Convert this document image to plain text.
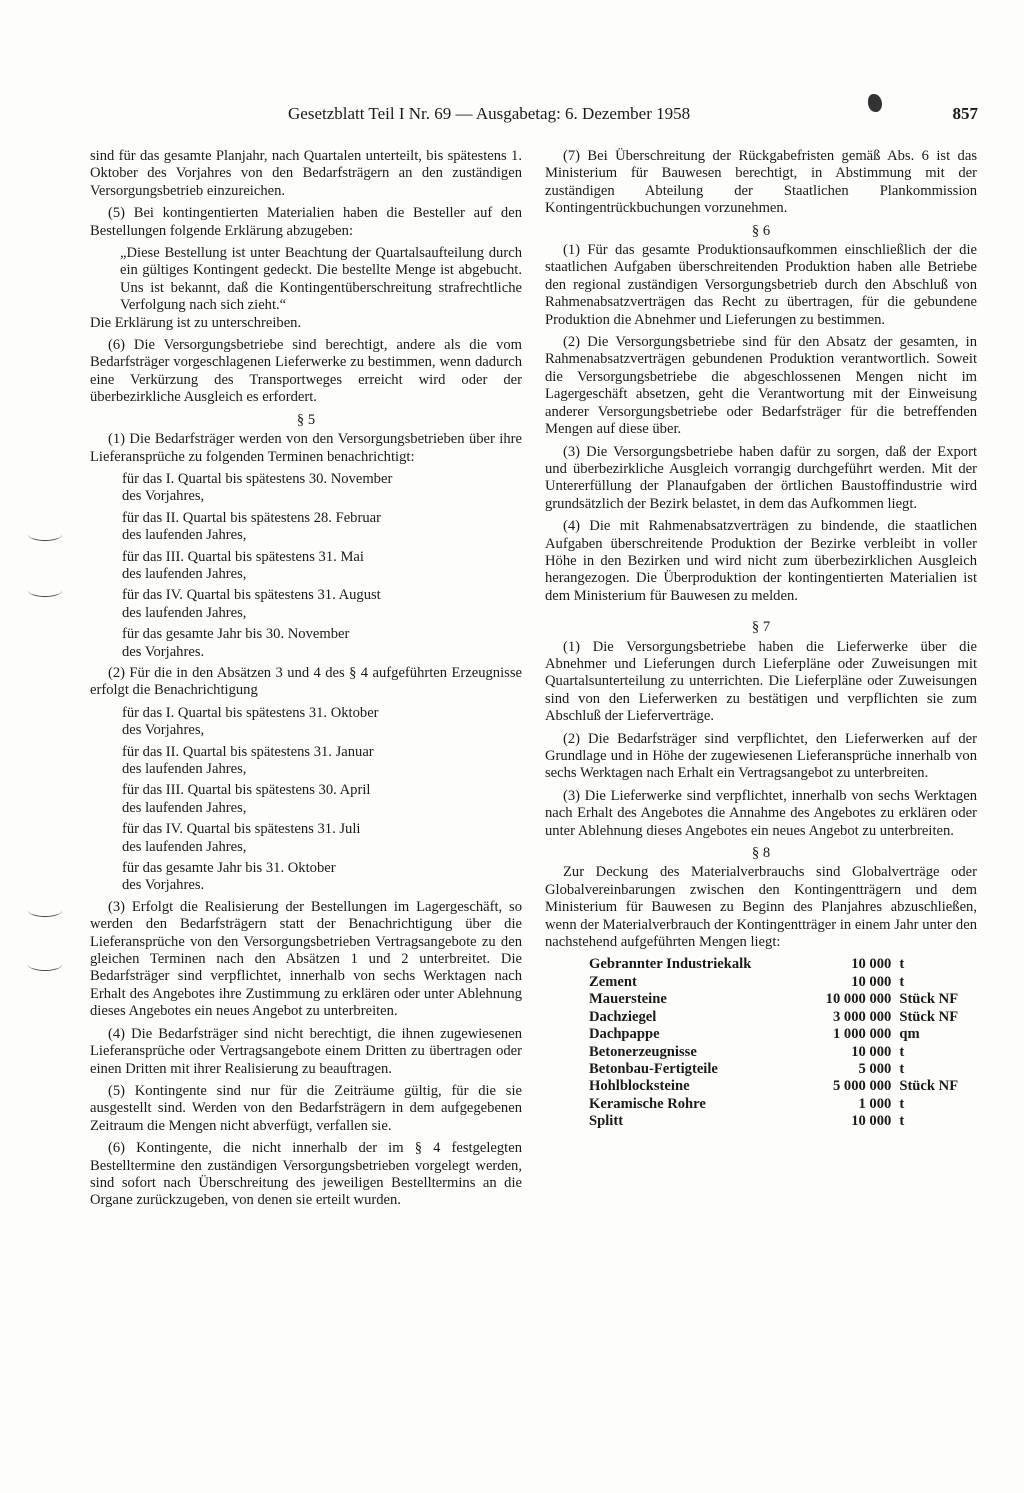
Gesetzblatt Teil I Nr. 69 — Ausgabetag: 6. Dezember 1958	857

sind für das gesamte Planjahr, nach Quartalen unterteilt, bis spätestens 1. Oktober des Vorjahres von den Bedarfsträgern an den zuständigen Versorgungsbetrieb einzureichen.

(5) Bei kontingentierten Materialien haben die Besteller auf den Bestellungen folgende Erklärung abzugeben:

„Diese Bestellung ist unter Beachtung der Quartalsaufteilung durch ein gültiges Kontingent gedeckt. Die bestellte Menge ist abgebucht. Uns ist bekannt, daß die Kontingentüberschreitung strafrechtliche Verfolgung nach sich zieht.“

Die Erklärung ist zu unterschreiben.

(6) Die Versorgungsbetriebe sind berechtigt, andere als die vom Bedarfsträger vorgeschlagenen Lieferwerke zu bestimmen, wenn dadurch eine Verkürzung des Transportweges erreicht wird oder der überbezirkliche Ausgleich es erfordert.

§ 5

(1) Die Bedarfsträger werden von den Versorgungsbetrieben über ihre Lieferansprüche zu folgenden Terminen benachrichtigt:

für das I. Quartal bis spätestens 30. November
des Vorjahres,
für das II. Quartal bis spätestens 28. Februar
des laufenden Jahres,
für das III. Quartal bis spätestens 31. Mai
des laufenden Jahres,
für das IV. Quartal bis spätestens 31. August
des laufenden Jahres,
für das gesamte Jahr bis 30. November
des Vorjahres.

(2) Für die in den Absätzen 3 und 4 des § 4 aufgeführten Erzeugnisse erfolgt die Benachrichtigung

für das I. Quartal bis spätestens 31. Oktober
des Vorjahres,
für das II. Quartal bis spätestens 31. Januar
des laufenden Jahres,
für das III. Quartal bis spätestens 30. April
des laufenden Jahres,
für das IV. Quartal bis spätestens 31. Juli
des laufenden Jahres,
für das gesamte Jahr bis 31. Oktober
des Vorjahres.

(3) Erfolgt die Realisierung der Bestellungen im Lagergeschäft, so werden den Bedarfsträgern statt der Benachrichtigung über die Lieferansprüche von den Versorgungsbetrieben Vertragsangebote zu den gleichen Terminen nach den Absätzen 1 und 2 unterbreitet. Die Bedarfsträger sind verpflichtet, innerhalb von sechs Werktagen nach Erhalt des Angebotes ihre Zustimmung zu erklären oder unter Ablehnung dieses Angebotes ein neues Angebot zu unterbreiten.

(4) Die Bedarfsträger sind nicht berechtigt, die ihnen zugewiesenen Lieferansprüche oder Vertragsangebote einem Dritten zu übertragen oder einen Dritten mit ihrer Realisierung zu beauftragen.

(5) Kontingente sind nur für die Zeiträume gültig, für die sie ausgestellt sind. Werden von den Bedarfsträgern in dem aufgegebenen Zeitraum die Mengen nicht abverfügt, verfallen sie.

(6) Kontingente, die nicht innerhalb der im § 4 festgelegten Bestelltermine den zuständigen Versorgungsbetrieben vorgelegt werden, sind sofort nach Überschreitung des jeweiligen Bestelltermins an die Organe zurückzugeben, von denen sie erteilt wurden.

(7) Bei Überschreitung der Rückgabefristen gemäß Abs. 6 ist das Ministerium für Bauwesen berechtigt, in Abstimmung mit der zuständigen Abteilung der Staatlichen Plankommission Kontingentrückbuchungen vorzunehmen.

§ 6

(1) Für das gesamte Produktionsaufkommen einschließlich der die staatlichen Aufgaben überschreitenden Produktion haben alle Betriebe den regional zuständigen Versorgungsbetrieb durch den Abschluß von Rahmenabsatzverträgen das Recht zu übertragen, für die gebundene Produktion die Abnehmer und Lieferungen zu bestimmen.

(2) Die Versorgungsbetriebe sind für den Absatz der gesamten, in Rahmenabsatzverträgen gebundenen Produktion verantwortlich. Soweit die Versorgungsbetriebe die abgeschlossenen Mengen nicht im Lagergeschäft absetzen, geht die Verantwortung mit der Einweisung anderer Versorgungsbetriebe oder Bedarfsträger für die betreffenden Mengen auf diese über.

(3) Die Versorgungsbetriebe haben dafür zu sorgen, daß der Export und überbezirkliche Ausgleich vorrangig durchgeführt werden. Mit der Untererfüllung der Planaufgaben der örtlichen Baustoffindustrie wird grundsätzlich der Bezirk belastet, in dem das Aufkommen liegt.

(4) Die mit Rahmenabsatzverträgen zu bindende, die staatlichen Aufgaben überschreitende Produktion der Bezirke verbleibt in voller Höhe in den Bezirken und wird nicht zum überbezirklichen Ausgleich herangezogen. Die Überproduktion der kontingentierten Materialien ist dem Ministerium für Bauwesen zu melden.

§ 7

(1) Die Versorgungsbetriebe haben die Lieferwerke über die Abnehmer und Lieferungen durch Lieferpläne oder Zuweisungen mit Quartalsunterteilung zu unterrichten. Die Lieferpläne oder Zuweisungen sind von den Lieferwerken zu bestätigen und verpflichten sie zum Abschluß der Lieferverträge.

(2) Die Bedarfsträger sind verpflichtet, den Lieferwerken auf der Grundlage und in Höhe der zugewiesenen Lieferansprüche innerhalb von sechs Werktagen nach Erhalt ein Vertragsangebot zu unterbreiten.

(3) Die Lieferwerke sind verpflichtet, innerhalb von sechs Werktagen nach Erhalt des Angebotes die Annahme des Angebotes zu erklären oder unter Ablehnung dieses Angebotes ein neues Angebot zu unterbreiten.

§ 8

Zur Deckung des Materialverbrauchs sind Globalverträge oder Globalvereinbarungen zwischen den Kontingentträgern und dem Ministerium für Bauwesen zu Beginn des Planjahres abzuschließen, wenn der Materialverbrauch der Kontingentträger in einem Jahr unter den nachstehend aufgeführten Mengen liegt:

Gebrannter Industriekalk	10 000	t
Zement	10 000	t
Mauersteine	10 000 000	Stück NF
Dachziegel	3 000 000	Stück NF
Dachpappe	1 000 000	qm
Betonerzeugnisse	10 000	t
Betonbau-Fertigteile	5 000	t
Hohlblocksteine	5 000 000	Stück NF
Keramische Rohre	1 000	t
Splitt	10 000	t
